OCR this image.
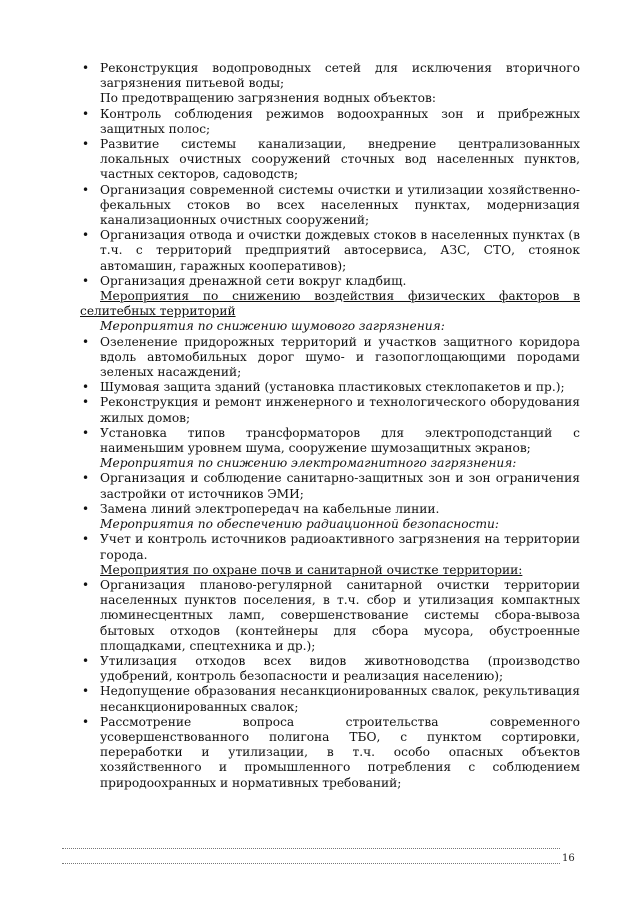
• Реконструкция водопроводных сетей для исключения вторичного загрязнения питьевой воды;

По предотвращению загрязнения водных объектов:

• Контроль соблюдения режимов водоохранных зон и прибрежных защитных полос;
• Развитие системы канализации, внедрение централизованных локальных очистных сооружений сточных вод населенных пунктов, частных секторов, садоводств;
• Организация современной системы очистки и утилизации хозяйственно-фекальных стоков во всех населенных пунктах, модернизация канализационных очистных сооружений;
• Организация отвода и очистки дождевых стоков в населенных пунктах (в т.ч. с территорий предприятий автосервиса, АЗС, СТО, стоянок автомашин, гаражных кооперативов);
• Организация дренажной сети вокруг кладбищ.

Мероприятия по снижению воздействия физических факторов в селитебных территорий

Мероприятия по снижению шумового загрязнения:

• Озеленение придорожных территорий и участков защитного коридора вдоль автомобильных дорог шумо- и газопоглощающими породами зеленых насаждений;
• Шумовая защита зданий (установка пластиковых стеклопакетов и пр.);
• Реконструкция и ремонт инженерного и технологического оборудования жилых домов;
• Установка типов трансформаторов для электроподстанций с наименьшим уровнем шума, сооружение шумозащитных экранов;

Мероприятия по снижению электромагнитного загрязнения:

• Организация и соблюдение санитарно-защитных зон и зон ограничения застройки от источников ЭМИ;
• Замена линий электропередач на кабельные линии.

Мероприятия по обеспечению радиационной безопасности:

• Учет и контроль источников радиоактивного загрязнения на территории города.

Мероприятия по охране почв и санитарной очистке территории:

• Организация планово-регулярной санитарной очистки территории населенных пунктов поселения, в т.ч. сбор и утилизация компактных люминесцентных ламп, совершенствование системы сбора-вывоза бытовых отходов (контейнеры для сбора мусора, обустроенные площадками, спецтехника и др.);
• Утилизация отходов всех видов животноводства (производство удобрений, контроль безопасности и реализация населению);
• Недопущение образования несанкционированных свалок, рекультивация несанкционированных свалок;
• Рассмотрение вопроса строительства современного усовершенствованного полигона ТБО, с пунктом сортировки, переработки и утилизации, в т.ч. особо опасных объектов хозяйственного и промышленного потребления с соблюдением природоохранных и нормативных требований;
16
